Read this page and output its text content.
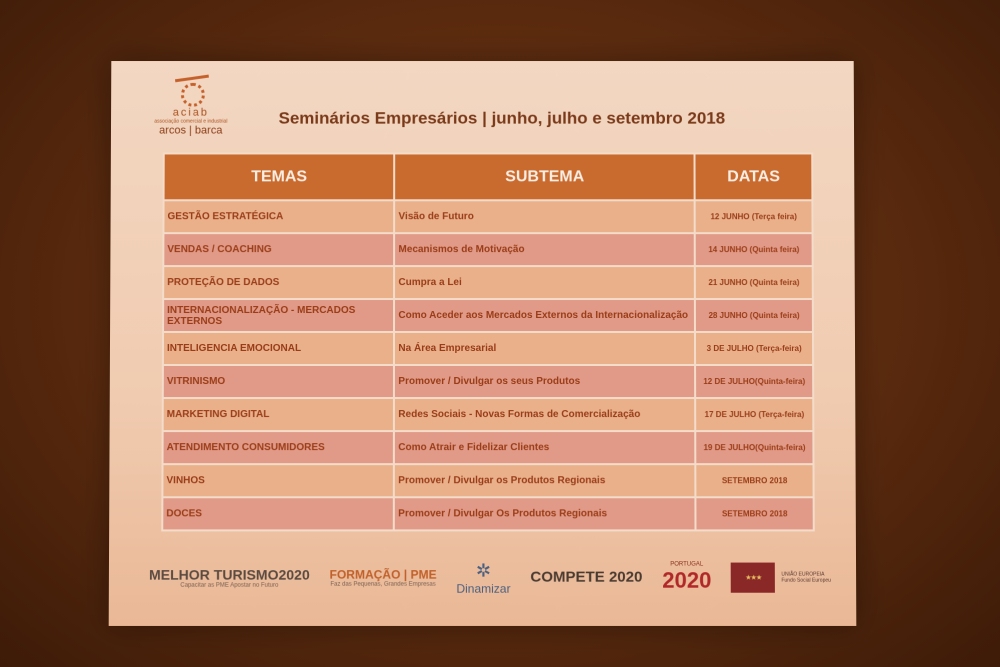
aciab
associação comercial e industrial
arcos | barca
Seminários Empresários | junho, julho e setembro 2018
TEMAS	SUBTEMA	DATAS
GESTÃO ESTRATÉGICA	Visão de Futuro	12 JUNHO (Terça feira)
VENDAS / COACHING	Mecanismos de Motivação	14 JUNHO (Quinta feira)
PROTEÇÃO DE DADOS	Cumpra a Lei	21 JUNHO (Quinta feira)
INTERNACIONALIZAÇÃO - MERCADOS EXTERNOS	Como Aceder aos Mercados Externos da Internacionalização	28 JUNHO (Quinta feira)
INTELIGENCIA EMOCIONAL	Na Área Empresarial	3 DE JULHO (Terça-feira)
VITRINISMO	Promover / Divulgar os seus Produtos	12 DE JULHO(Quinta-feira)
MARKETING DIGITAL	Redes Sociais - Novas Formas de Comercialização	17 DE JULHO (Terça-feira)
ATENDIMENTO CONSUMIDORES	Como Atrair e Fidelizar Clientes	19 DE JULHO(Quinta-feira)
VINHOS	Promover / Divulgar os Produtos Regionais	SETEMBRO 2018
DOCES	Promover / Divulgar Os Produtos Regionais	SETEMBRO 2018
MELHOR TURISMO2020
Capacitar as PME Apostar no Futuro
FORMAÇÃO | PME
Faz das Pequenas, Grandes Empresas
✲
Dinamizar
COMPETE 2020
PORTUGAL
2020	★★★	UNIÃO EUROPEIA
Fundo Social Europeu
